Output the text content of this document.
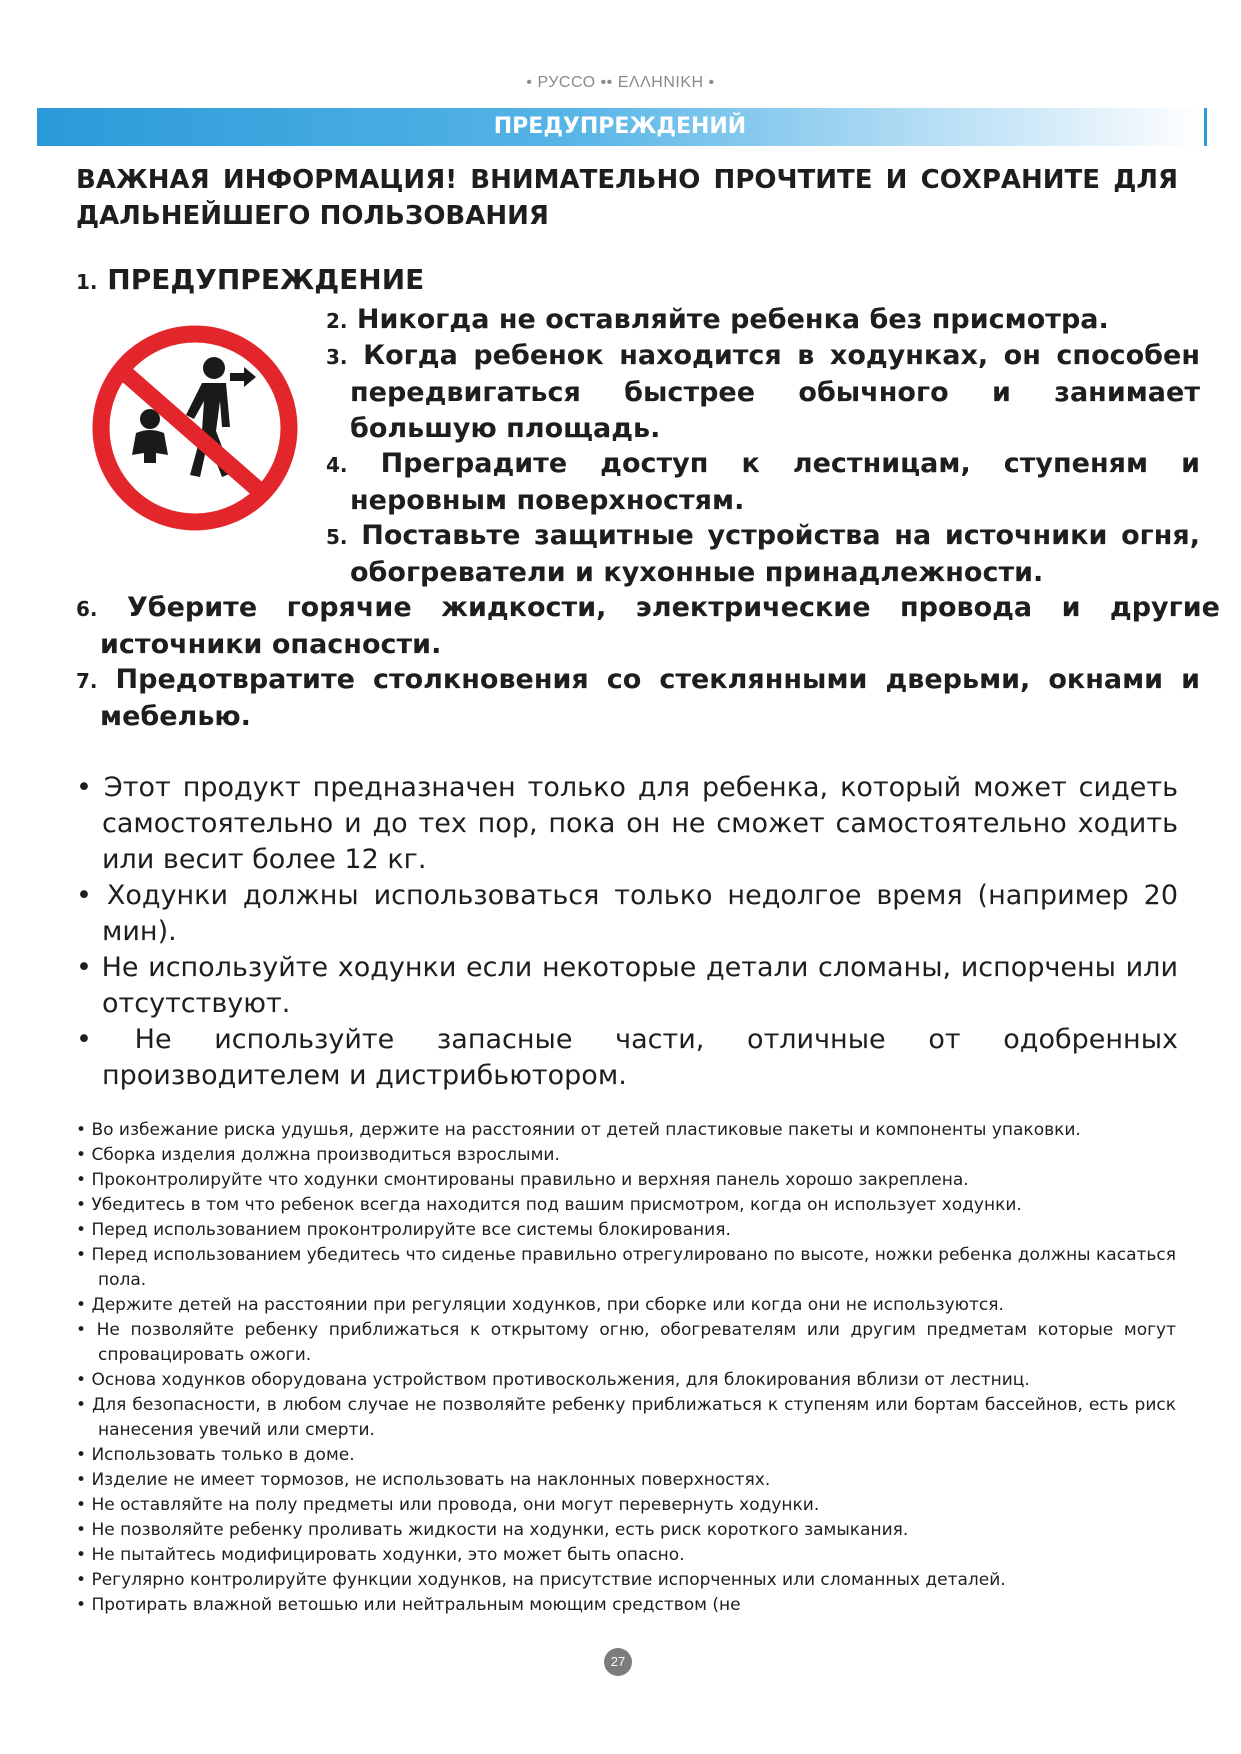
• РУССО •• ΕΛΛΗΝΙΚΗ •
ПРЕДУПРЕЖДЕНИЙ
ВАЖНАЯ ИНФОРМАЦИЯ! ВНИМАТЕЛЬНО ПРОЧТИТЕ И СОХРАНИТЕ ДЛЯ ДАЛЬНЕЙШЕГО ПОЛЬЗОВАНИЯ
1. ПРЕДУПРЕЖДЕНИЕ
2. Никогда не оставляйте ребенка без присмотра.
3. Когда ребенок находится в ходунках, он способен передвигаться быстрее обычного и занимает большую площадь.
4. Преградите доступ к лестницам, ступеням и неровным поверхностям.
5. Поставьте защитные устройства на источники огня, обогреватели и кухонные принадлежности.
6. Уберите горячие жидкости, электрические провода и другие источники опасности.
7. Предотвратите столкновения со стеклянными дверьми, окнами и мебелью.
• Этот продукт предназначен только для ребенка, который может сидеть самостоятельно и до тех пор, пока он не сможет самостоятельно ходить или весит более 12 кг.
• Ходунки должны использоваться только недолгое время (например 20 мин).
• Не используйте ходунки если некоторые детали сломаны, испорчены или отсутствуют.
• Не используйте запасные части, отличные от одобренных производителем и дистрибьютором.
• Во избежание риска удушья, держите на расстоянии от детей пластиковые пакеты и компоненты упаковки.
• Сборка изделия должна производиться взрослыми.
• Проконтролируйте что ходунки смонтированы правильно и верхняя панель хорошо закреплена.
• Убедитесь в том что ребенок всегда находится под вашим присмотром, когда он использует ходунки.
• Перед использованием проконтролируйте все системы блокирования.
• Перед использованием убедитесь что сиденье правильно отрегулировано по высоте, ножки ребенка должны касаться пола.
• Держите детей на расстоянии при регуляции ходунков, при сборке или когда они не используются.
• Не позволяйте ребенку приближаться к открытому огню, обогревателям или другим предметам которые могут спровацировать ожоги.
• Основа ходунков оборудована устройством противоскольжения, для блокирования вблизи от лестниц.
• Для безопасности, в любом случае не позволяйте ребенку приближаться к ступеням или бортам бассейнов, есть риск нанесения увечий или смерти.
• Использовать только в доме.
• Изделие не имеет тормозов, не использовать на наклонных поверхностях.
• Не оставляйте на полу предметы или провода, они могут перевернуть ходунки.
• Не позволяйте ребенку проливать жидкости на ходунки, есть риск короткого замыкания.
• Не пытайтесь модифицировать ходунки, это может быть опасно.
• Регулярно контролируйте функции ходунков, на присутствие испорченных или сломанных деталей.
• Протирать влажной ветошью или нейтральным моющим средством (не
27
